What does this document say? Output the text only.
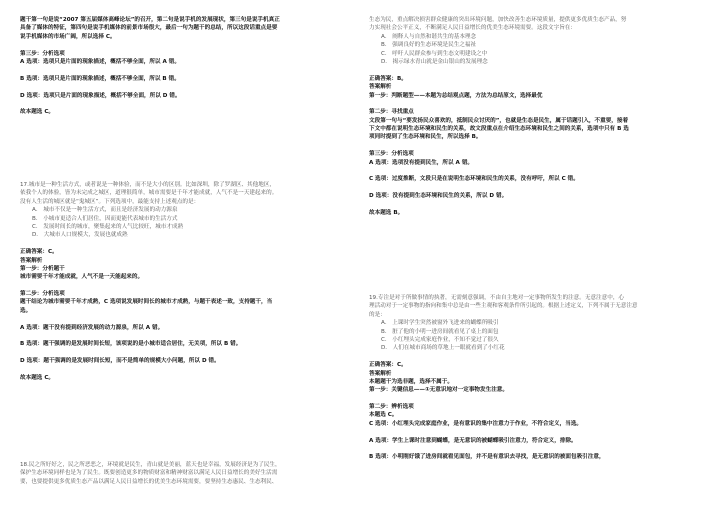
题干第一句是说“2007 第五届媒体高峰论坛”的召开，第二句是说手机的发展现状，第三句是说手机真正
具备了媒体的特征，第四句是说手机媒体的前景市场很大，最后一句为题干的总结，所以这段话重点是要
说手机媒体的市场广阔，所以选择 C。
第三步：分析选项
A 选项：选项只是片面的现象描述，概括不够全面，所以 A 错。
B 选项：选项只是片面的现象描述，概括不够全面，所以 B 错。
D 选项：选项只是片面的现象描述，概括不够全面，所以 D 错。
故本题选 C。
17.城市是一种生活方式，或者说是一种体验，而不是大小的区别。比如深圳，除了罗湖区、其他地区，
依我个人的体验，皆为未完成之城区，道理很简单，城市需要是千年才能成就，人气不是一天建起来的。
没有人生活的城区就是“鬼城区”。下列选项中，最能支持上述观点的是：
A． 城市不仅是一种生活方式，而且是经济发展的动力源泉
B． 小城市更适合人们居住，因而更能代表城市的生活方式
C． 发展时间长的城市，聚集起来的人气比较旺，城市才成熟
D． 大城市人口规模大，发展也就成熟
正确答案：C。
答案解析
第一步：分析题干
城市需要千年才能成就，人气不是一天能起来的。
第二步：分析选项
题干结论为城市需要千年才成熟，C 选项说发展时间长的城市才成熟，与题干表述一致，支持题干，当
选。
A 选项：题干没有提到经济发展的动力源泉，所以 A 错。
B 选项：题干强调的是发展时间长短，该项说的是小城市适合居住，无关项，所以 B 错。
D 选项：题干强调的是发展时间长短，而不是简单的规模大小问题，所以 D 错。
故本题选 C。
18.民之所好好之，民之所恶恶之，环境就是民生，青山就是美丽，蓝天也是幸福，发展经济是为了民生，
保护生态环境同样也是为了民生。既要创造更多的物质财富和精神财富以满足人民日益增长的美好生活需
要，也要提供更多优质生态产品以满足人民日益增长的优美生态环境需要，要坚持生态惠民、生态利民、
生态为民，重点解决损害群众健康的突出环境问题，加快改善生态环境质量，提供更多优质生态产品，努
力实现社会公平正义，不断满足人民日益增长的优美生态环境需要。这段文字旨在：
A． 阐释人与自然和谐共生的基本理念
B． 强调良好的生态环境是民生之福祉
C． 呼吁人民群众参与到生态文明建设之中
D． 揭示绿水青山就是金山银山的发展理念
正确答案：B。
答案解析
第一步：判断题型——本题为总结观点题，方法为总结原文，选择最优
第二步：寻找重点
文段第一句与“要发扬民众喜欢的，抵制民众讨厌的”，也就是生态是民生，属于话题引入，不重要，接着
下文中都在说明生态环境和民生的关系，故文段重点在介绍生态环境和民生之间的关系，选项中只有 B 选
项同时提到了生态环境和民生，所以选择 B。
第三步：分析选项
A 选项：选项没有提到民生，所以 A 错。
C 选项：过度推断，文段只是在说明生态环境和民生的关系，没有呼吁，所以 C 错。
D 选项：没有提到生态环境和民生的关系，所以 D 错。
故本题选 B。
19.专注是对于所做事情的执著，无需刻意强调，不由自主地对一定事物所发生的注意。无意注意中，心
理活动对于一定事物的指向和集中总是由一些主观和客观条件所引起的。根据上述定义，下列不属于无意注意
的是：
A． 上课时学生突然被窗外飞进来的蝴蝶所吸引
B． 脏了他的小明一进房间就看见了桌上的面包
C． 小红埋头完成家庭作业，不知不觉过了很久
D． 人们在城市商场的草地上一眼就看到了小红花
正确答案：C。
答案解析
本题题干为选非题，选择不属于。
第一步：关键信息——①无意识地对一定事物发生注意。
第二步：辨析选项
本题选 C。
C 选项：小红埋头完成家庭作业，是有意识的集中注意力于作业，不符合定义，当选。
A 选项：学生上课时注意到蝴蝶，是无意识的被蝴蝶吸引注意力，符合定义，排除。
B 选项：小明刚好饿了进房间就看见面包，并不是有意识去寻找，是无意识的被面包吸引注意，
